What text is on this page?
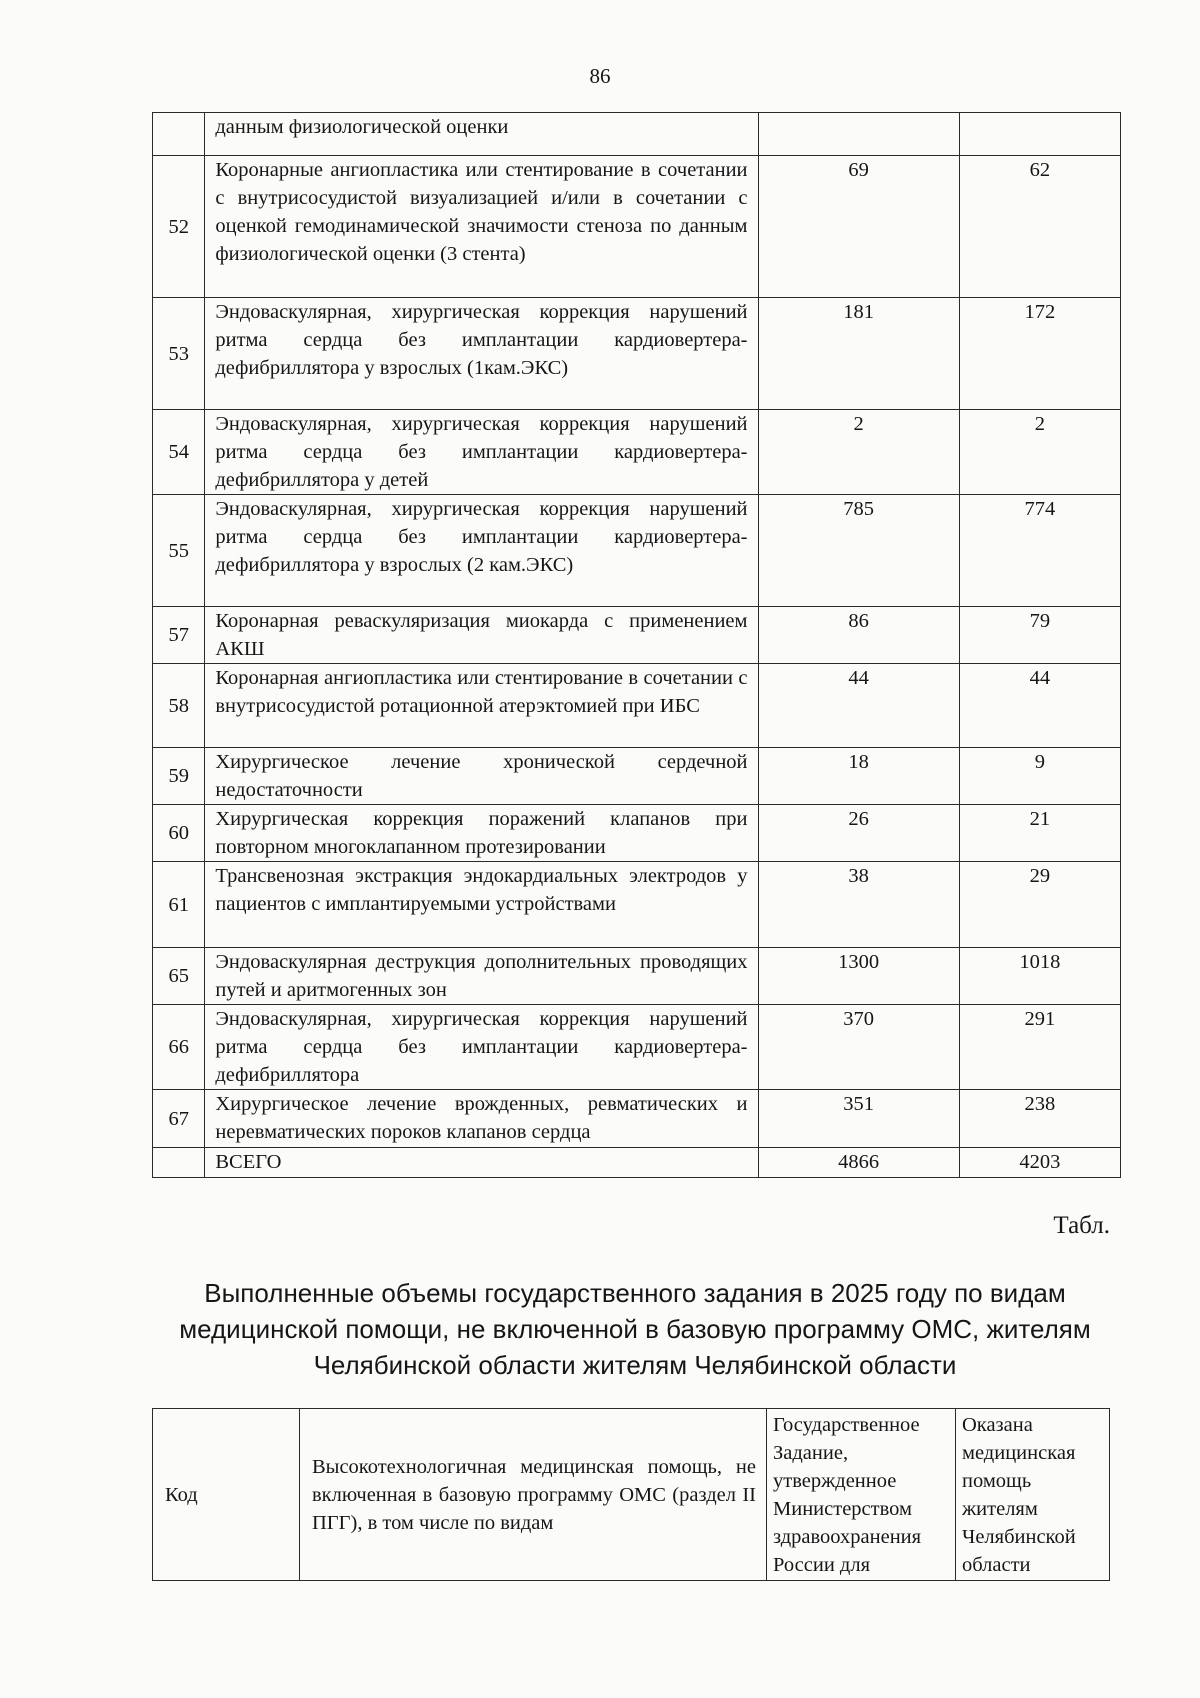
86
	данным физиологической оценки		
52	Коронарные ангиопластика или стентирование в сочетании с внутрисосудистой визуализацией и/или в сочетании с оценкой гемодинамической значимости стеноза по данным физиологической оценки (3 стента)	69	62
53	Эндоваскулярная, хирургическая коррекция нарушений ритма сердца без имплантации кардиовертера-дефибриллятора у взрослых (1кам.ЭКС)	181	172
54	Эндоваскулярная, хирургическая коррекция нарушений ритма сердца без имплантации кардиовертера-дефибриллятора у детей	2	2
55	Эндоваскулярная, хирургическая коррекция нарушений ритма сердца без имплантации кардиовертера-дефибриллятора у взрослых (2 кам.ЭКС)	785	774
57	Коронарная реваскуляризация миокарда с применением АКШ	86	79
58	Коронарная ангиопластика или стентирование в сочетании с внутрисосудистой ротационной атерэктомией при ИБС	44	44
59	Хирургическое лечение хронической сердечной недостаточности	18	9
60	Хирургическая коррекция поражений клапанов при повторном многоклапанном протезировании	26	21
61	Трансвенозная экстракция эндокардиальных электродов у пациентов с имплантируемыми устройствами	38	29
65	Эндоваскулярная деструкция дополнительных проводящих путей и аритмогенных зон	1300	1018
66	Эндоваскулярная, хирургическая коррекция нарушений ритма сердца без имплантации кардиовертера-дефибриллятора	370	291
67	Хирургическое лечение врожденных, ревматических и неревматических пороков клапанов сердца	351	238
	ВСЕГО	4866	4203
Табл.
Выполненные объемы государственного задания в 2025 году по видам медицинской помощи, не включенной в базовую программу ОМС, жителям Челябинской области жителям Челябинской области
Код	Высокотехнологичная медицинская помощь, не включенная в базовую программу ОМС (раздел II ПГГ), в том числе по видам	Государственное Задание, утвержденное Министерством здравоохранения России для	Оказана медицинская помощь жителям Челябинской области
